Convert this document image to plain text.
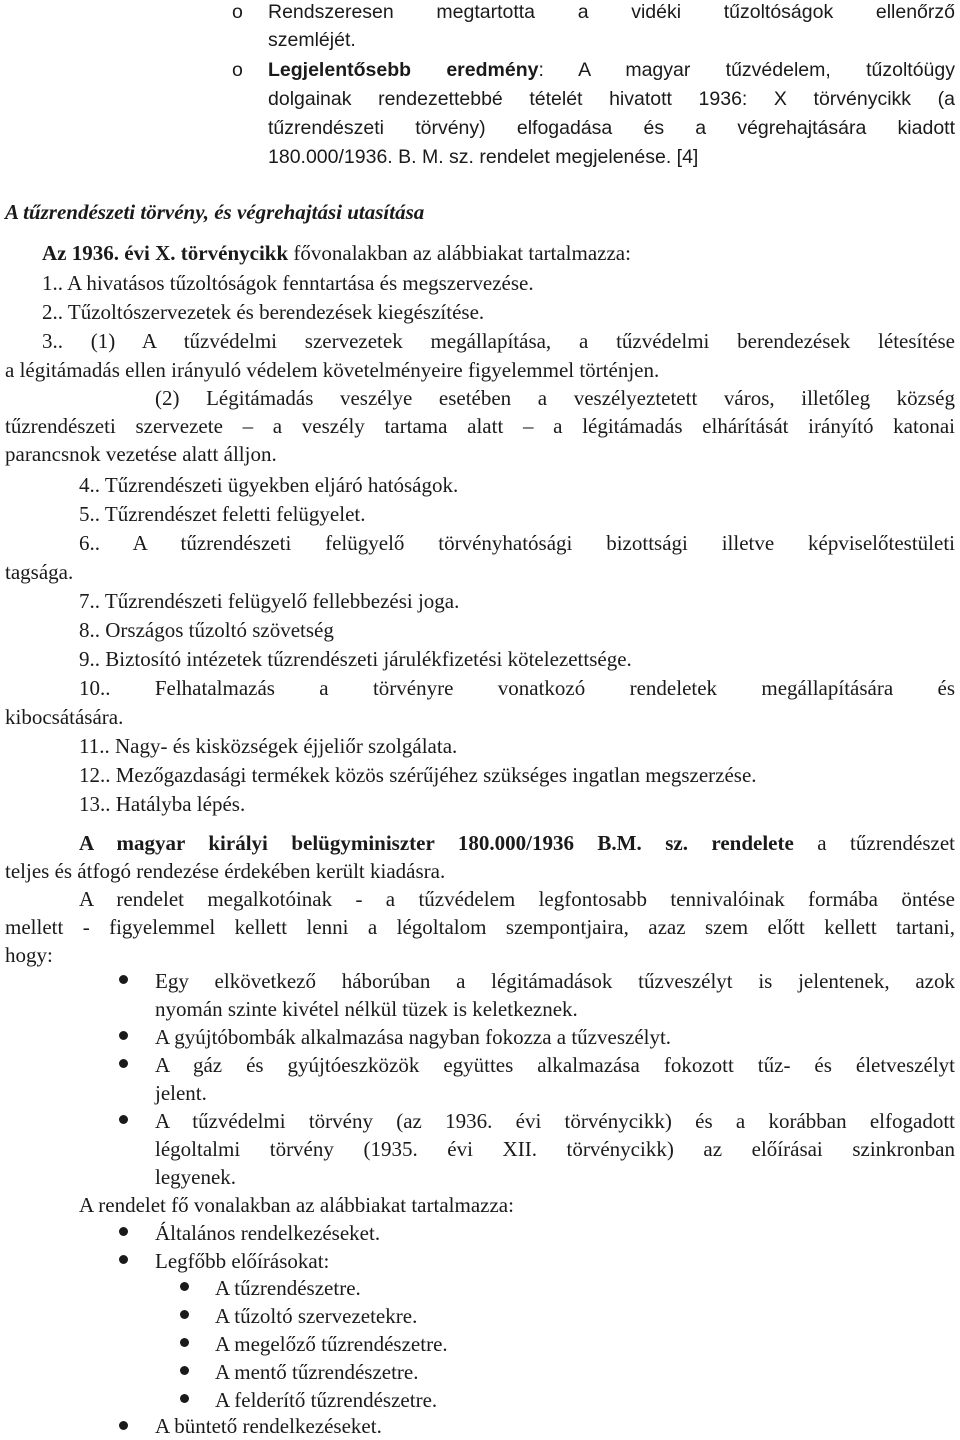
o Rendszeresen megtartotta a vidéki tűzoltóságok ellenőrző
szemléjét.
o Legjelentősebb eredmény: A magyar tűzvédelem, tűzoltóügy
dolgainak rendezettebbé tételét hivatott 1936: X törvénycikk (a
tűzrendészeti törvény) elfogadása és a végrehajtására kiadott
180.000/1936. B. M. sz. rendelet megjelenése. [4]
A tűzrendészeti törvény, és végrehajtási utasítása
Az 1936. évi X. törvénycikk fővonalakban az alábbiakat tartalmazza:
1.. A hivatásos tűzoltóságok fenntartása és megszervezése.
2.. Tűzoltószervezetek és berendezések kiegészítése.
3.. (1) A tűzvédelmi szervezetek megállapítása, a tűzvédelmi berendezések létesítése
a légitámadás ellen irányuló védelem követelményeire figyelemmel történjen.
(2) Légitámadás veszélye esetében a veszélyeztetett város, illetőleg község
tűzrendészeti szervezete – a veszély tartama alatt – a légitámadás elhárítását irányító katonai
parancsnok vezetése alatt álljon.
4.. Tűzrendészeti ügyekben eljáró hatóságok.
5.. Tűzrendészet feletti felügyelet.
6.. A tűzrendészeti felügyelő törvényhatósági bizottsági illetve képviselőtestületi
tagsága.
7.. Tűzrendészeti felügyelő fellebbezési joga.
8.. Országos tűzoltó szövetség
9.. Biztosító intézetek tűzrendészeti járulékfizetési kötelezettsége.
10.. Felhatalmazás a törvényre vonatkozó rendeletek megállapítására és
kibocsátására.
11.. Nagy- és kisközségek éjjeliőr szolgálata.
12.. Mezőgazdasági termékek közös szérűjéhez szükséges ingatlan megszerzése.
13.. Hatályba lépés.
A magyar királyi belügyminiszter 180.000/1936 B.M. sz. rendelete a tűzrendészet
teljes és átfogó rendezése érdekében került kiadásra.
A rendelet megalkotóinak - a tűzvédelem legfontosabb tennivalóinak formába öntése
mellett - figyelemmel kellett lenni a légoltalom szempontjaira, azaz szem előtt kellett tartani,
hogy:
Egy elkövetkező háborúban a légitámadások tűzveszélyt is jelentenek, azok
nyomán szinte kivétel nélkül tüzek is keletkeznek.
A gyújtóbombák alkalmazása nagyban fokozza a tűzveszélyt.
A gáz és gyújtóeszközök együttes alkalmazása fokozott tűz- és életveszélyt
jelent.
A tűzvédelmi törvény (az 1936. évi törvénycikk) és a korábban elfogadott
légoltalmi törvény (1935. évi XII. törvénycikk) az előírásai szinkronban
legyenek.
A rendelet fő vonalakban az alábbiakat tartalmazza:
Általános rendelkezéseket.
Legfőbb előírásokat:
A tűzrendészetre.
A tűzoltó szervezetekre.
A megelőző tűzrendészetre.
A mentő tűzrendészetre.
A felderítő tűzrendészetre.
A büntető rendelkezéseket.
